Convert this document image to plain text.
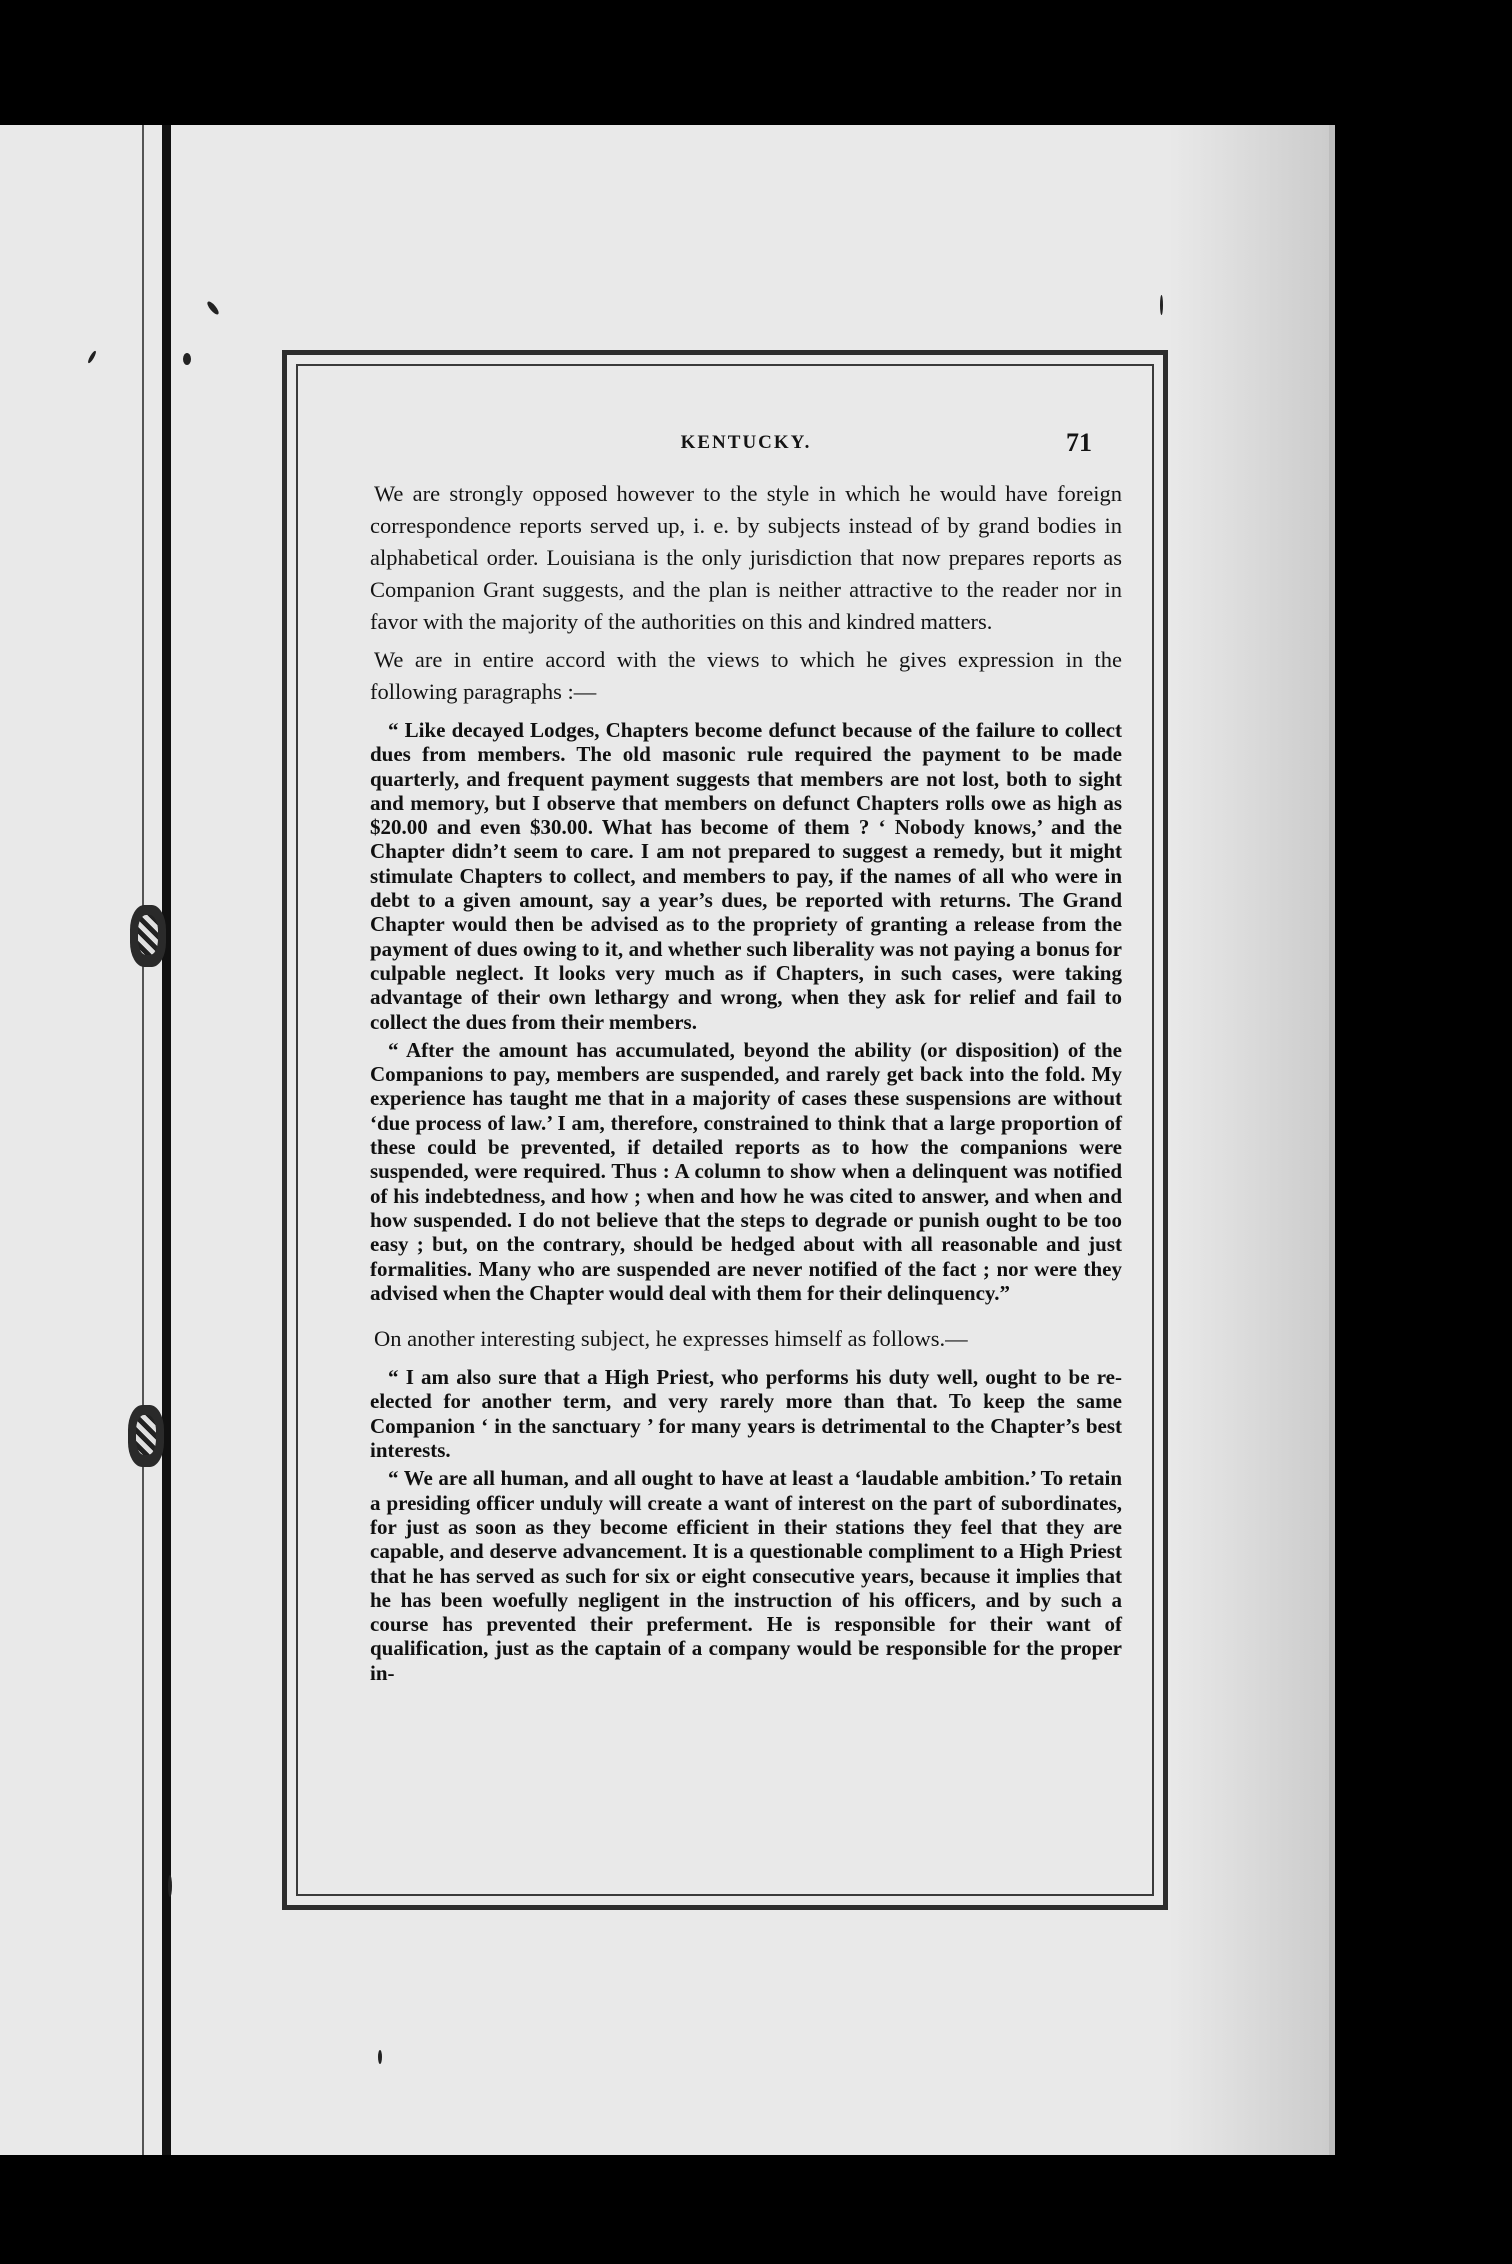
KENTUCKY.	71

We are strongly opposed however to the style in which he would have foreign correspondence reports served up, i. e. by subjects instead of by grand bodies in alphabetical order. Louisiana is the only jurisdiction that now prepares reports as Companion Grant suggests, and the plan is neither attractive to the reader nor in favor with the majority of the authorities on this and kindred matters.

We are in entire accord with the views to which he gives expression in the following paragraphs :—

“ Like decayed Lodges, Chapters become defunct because of the failure to collect dues from members. The old masonic rule required the payment to be made quarterly, and frequent payment suggests that members are not lost, both to sight and memory, but I observe that members on defunct Chapters rolls owe as high as $20.00 and even $30.00. What has become of them ? ‘ Nobody knows,’ and the Chapter didn’t seem to care. I am not prepared to suggest a remedy, but it might stimulate Chapters to collect, and members to pay, if the names of all who were in debt to a given amount, say a year’s dues, be reported with returns. The Grand Chapter would then be advised as to the propriety of granting a release from the payment of dues owing to it, and whether such liberality was not paying a bonus for culpable neglect. It looks very much as if Chapters, in such cases, were taking advantage of their own lethargy and wrong, when they ask for relief and fail to collect the dues from their members.

“ After the amount has accumulated, beyond the ability (or disposition) of the Companions to pay, members are suspended, and rarely get back into the fold. My experience has taught me that in a majority of cases these suspensions are without ‘due process of law.’ I am, therefore, constrained to think that a large proportion of these could be prevented, if detailed reports as to how the companions were suspended, were required. Thus : A column to show when a delinquent was notified of his indebtedness, and how ; when and how he was cited to answer, and when and how suspended. I do not believe that the steps to degrade or punish ought to be too easy ; but, on the contrary, should be hedged about with all reasonable and just formalities. Many who are suspended are never notified of the fact ; nor were they advised when the Chapter would deal with them for their delinquency.”

On another interesting subject, he expresses himself as follows.—

“ I am also sure that a High Priest, who performs his duty well, ought to be re-elected for another term, and very rarely more than that. To keep the same Companion ‘ in the sanctuary ’ for many years is detrimental to the Chapter’s best interests.

“ We are all human, and all ought to have at least a ‘laudable ambition.’ To retain a presiding officer unduly will create a want of interest on the part of subordinates, for just as soon as they become efficient in their stations they feel that they are capable, and deserve advancement. It is a questionable compliment to a High Priest that he has served as such for six or eight consecutive years, because it implies that he has been woefully negligent in the instruction of his officers, and by such a course has prevented their preferment. He is responsible for their want of qualification, just as the captain of a company would be responsible for the proper in-
